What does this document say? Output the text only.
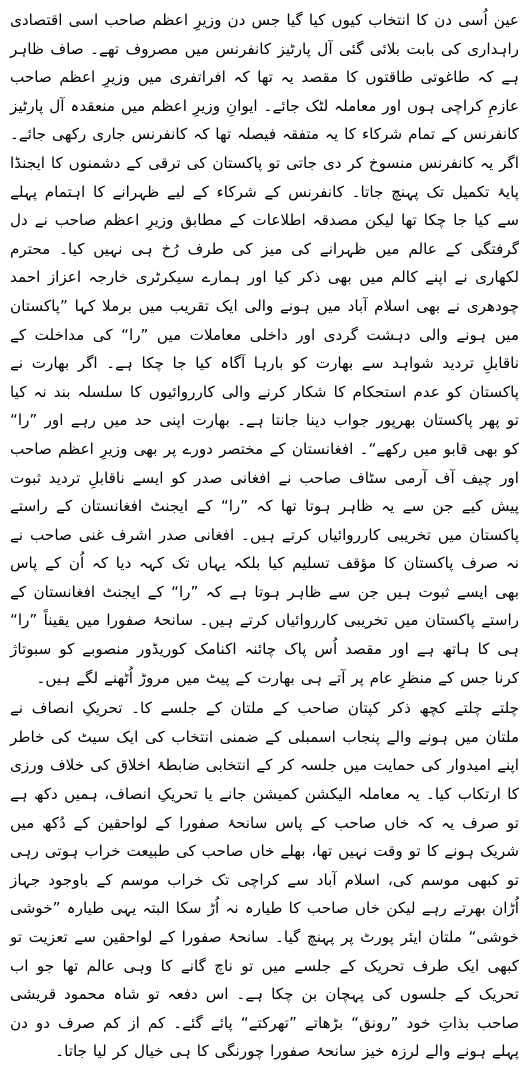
عین اُسی دن کا انتخاب کیوں کیا گیا جس دن وزیرِ اعظم صاحب اسی اقتصادی راہداری کی بابت بلائی گئی آل پارٹیز کانفرنس میں مصروف تھے۔ صاف ظاہر ہے کہ طاغوتی طاقتوں کا مقصد یہ تھا کہ افراتفری میں وزیرِ اعظم صاحب عازمِ کراچی ہوں اور معاملہ لٹک جائے۔ ایوانِ وزیرِ اعظم میں منعقدہ آل پارٹیز کانفرنس کے تمام شرکاء کا یہ متفقہ فیصلہ تھا کہ کانفرنس جاری رکھی جائے۔ اگر یہ کانفرنس منسوخ کر دی جاتی تو پاکستان کی ترقی کے دشمنوں کا ایجنڈا پایۂ تکمیل تک پہنچ جاتا۔ کانفرنس کے شرکاء کے لیے ظہرانے کا اہتمام پہلے سے کیا جا چکا تھا لیکن مصدقہ اطلاعات کے مطابق وزیرِ اعظم صاحب نے دل گرفتگی کے عالم میں ظہرانے کی میز کی طرف رُخ ہی نہیں کیا۔ محترم لکھاری نے اپنے کالم میں بھی ذکر کیا اور ہمارے سیکرٹری خارجہ اعزاز احمد چودھری نے بھی اسلام آباد میں ہونے والی ایک تقریب میں برملا کہا ”پاکستان میں ہونے والی دہشت گردی اور داخلی معاملات میں ”را“ کی مداخلت کے ناقابلِ تردید شواہد سے بھارت کو بارہا آگاہ کیا جا چکا ہے۔ اگر بھارت نے پاکستان کو عدم استحکام کا شکار کرنے والی کارروائیوں کا سلسلہ بند نہ کیا تو پھر پاکستان بھرپور جواب دینا جانتا ہے۔ بھارت اپنی حد میں رہے اور ”را“ کو بھی قابو میں رکھے“۔ افغانستان کے مختصر دورے پر بھی وزیرِ اعظم صاحب اور چیف آف آرمی سٹاف صاحب نے افغانی صدر کو ایسے ناقابلِ تردید ثبوت پیش کیے جن سے یہ ظاہر ہوتا تھا کہ ”را“ کے ایجنٹ افغانستان کے راستے پاکستان میں تخریبی کارروائیاں کرتے ہیں۔ افغانی صدر اشرف غنی صاحب نے نہ صرف پاکستان کا مؤقف تسلیم کیا بلکہ یہاں تک کہہ دیا کہ اُن کے پاس بھی ایسے ثبوت ہیں جن سے ظاہر ہوتا ہے کہ ”را“ کے ایجنٹ افغانستان کے راستے پاکستان میں تخریبی کارروائیاں کرتے ہیں۔ سانحۂ صفورا میں یقیناً ”را“ ہی کا ہاتھ ہے اور مقصد اُس پاک چائنہ اکنامک کوریڈور منصوبے کو سبوتاژ کرنا جس کے منظرِ عام پر آتے ہی بھارت کے پیٹ میں مروڑ اُٹھنے لگے ہیں۔

چلتے چلتے کچھ ذکر کپتان صاحب کے ملتان کے جلسے کا۔ تحریکِ انصاف نے ملتان میں ہونے والے پنجاب اسمبلی کے ضمنی انتخاب کی ایک سیٹ کی خاطر اپنے امیدوار کی حمایت میں جلسہ کر کے انتخابی ضابطۂ اخلاق کی خلاف ورزی کا ارتکاب کیا۔ یہ معاملہ الیکشن کمیشن جانے یا تحریکِ انصاف، ہمیں دکھ ہے تو صرف یہ کہ خاں صاحب کے پاس سانحۂ صفورا کے لواحقین کے دُکھ میں شریک ہونے کا تو وقت نہیں تھا، بھلے خاں صاحب کی طبیعت خراب ہوتی رہی تو کبھی موسم کی، اسلام آباد سے کراچی تک خراب موسم کے باوجود جہاز اُڑان بھرتے رہے لیکن خاں صاحب کا طیارہ نہ اُڑ سکا البتہ یہی طیارہ ”خوشی خوشی“ ملتان ایئر پورٹ پر پہنچ گیا۔ سانحۂ صفورا کے لواحقین سے تعزیت تو کبھی ایک طرف تحریک کے جلسے میں تو ناچ گانے کا وہی عالم تھا جو اب تحریک کے جلسوں کی پہچان بن چکا ہے۔ اس دفعہ تو شاہ محمود قریشی صاحب بذاتِ خود ”رونق“ بڑھاتے ”تھرکتے“ پائے گئے۔ کم از کم صرف دو دن پہلے ہونے والے لرزہ خیز سانحۂ صفورا چورنگی کا ہی خیال کر لیا جاتا۔
